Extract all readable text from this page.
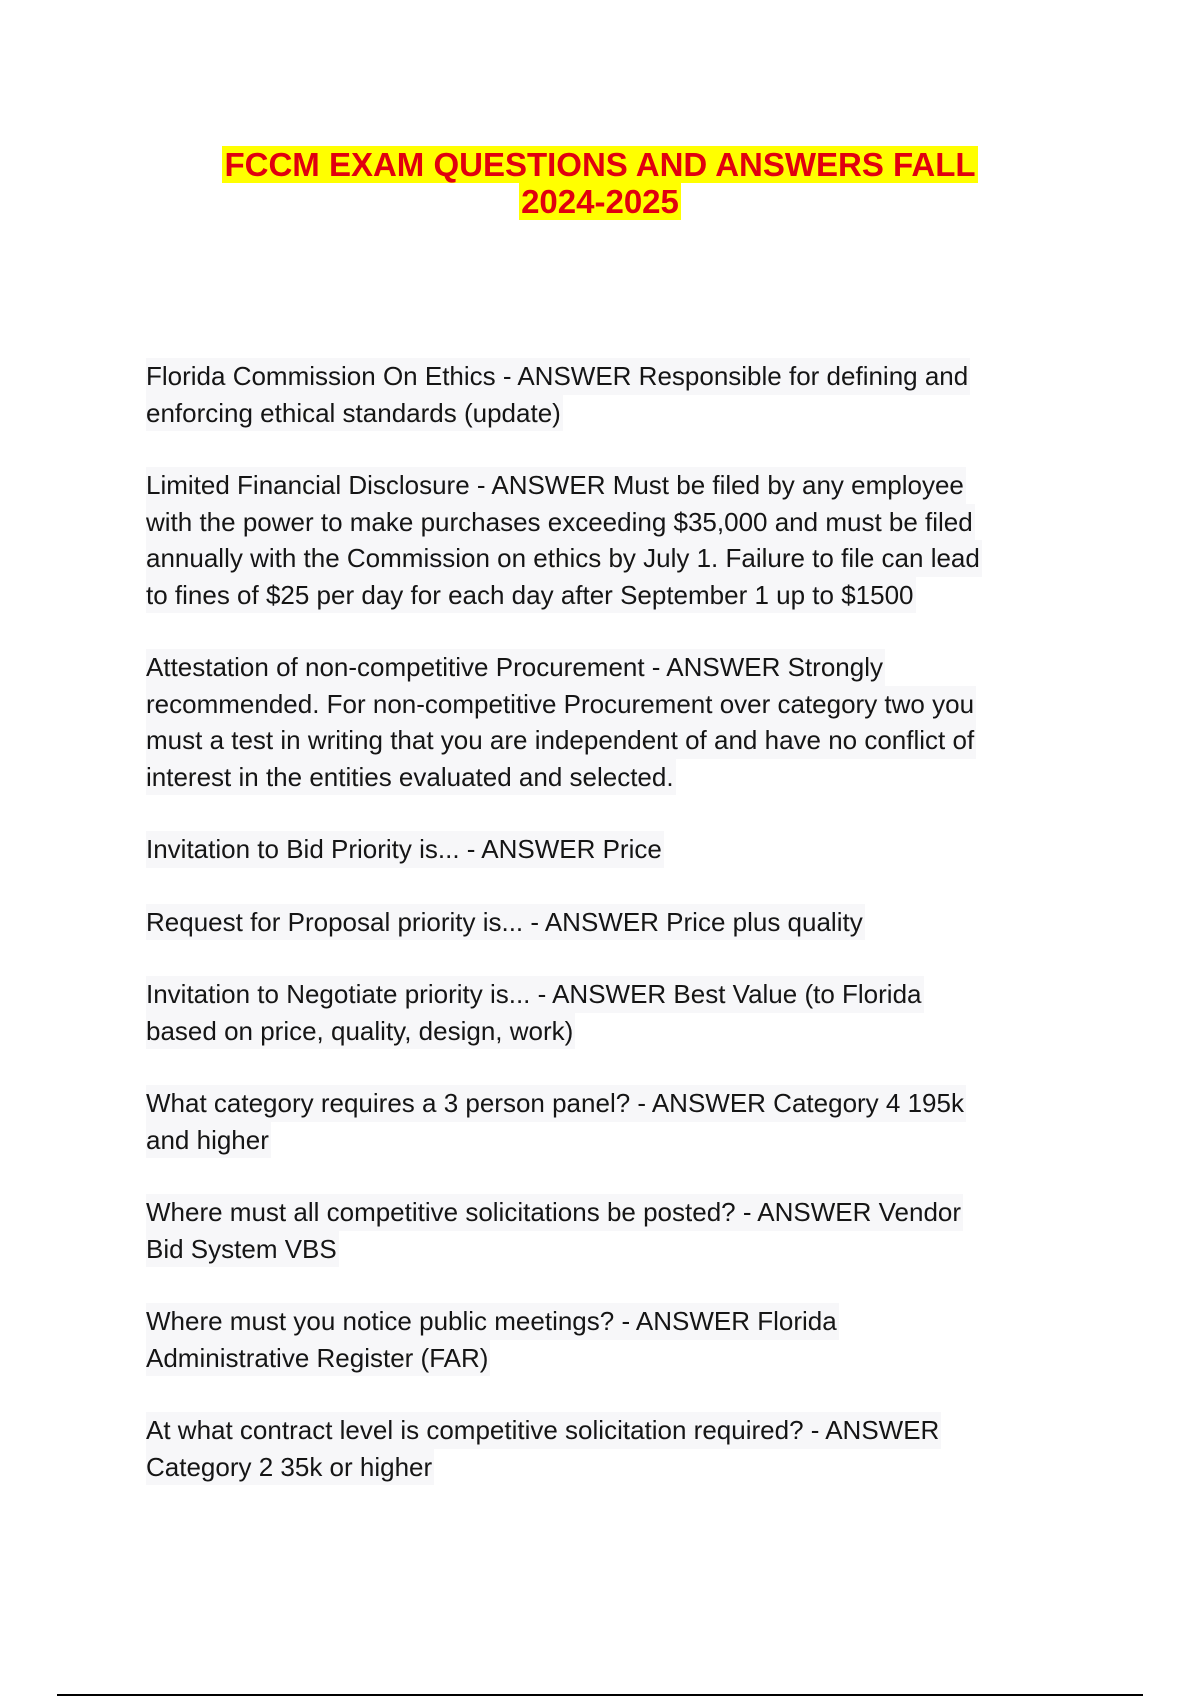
FCCM EXAM QUESTIONS AND ANSWERS FALL
2024-2025
Florida Commission On Ethics - ANSWER Responsible for defining and
enforcing ethical standards (update)
Limited Financial Disclosure - ANSWER Must be filed by any employee
with the power to make purchases exceeding $35,000 and must be filed
annually with the Commission on ethics by July 1. Failure to file can lead
to fines of $25 per day for each day after September 1 up to $1500
Attestation of non-competitive Procurement - ANSWER Strongly
recommended. For non-competitive Procurement over category two you
must a test in writing that you are independent of and have no conflict of
interest in the entities evaluated and selected.
Invitation to Bid Priority is... - ANSWER Price
Request for Proposal priority is... - ANSWER Price plus quality
Invitation to Negotiate priority is... - ANSWER Best Value (to Florida
based on price, quality, design, work)
What category requires a 3 person panel? - ANSWER Category 4 195k
and higher
Where must all competitive solicitations be posted? - ANSWER Vendor
Bid System VBS
Where must you notice public meetings? - ANSWER Florida
Administrative Register (FAR)
At what contract level is competitive solicitation required? - ANSWER
Category 2 35k or higher
